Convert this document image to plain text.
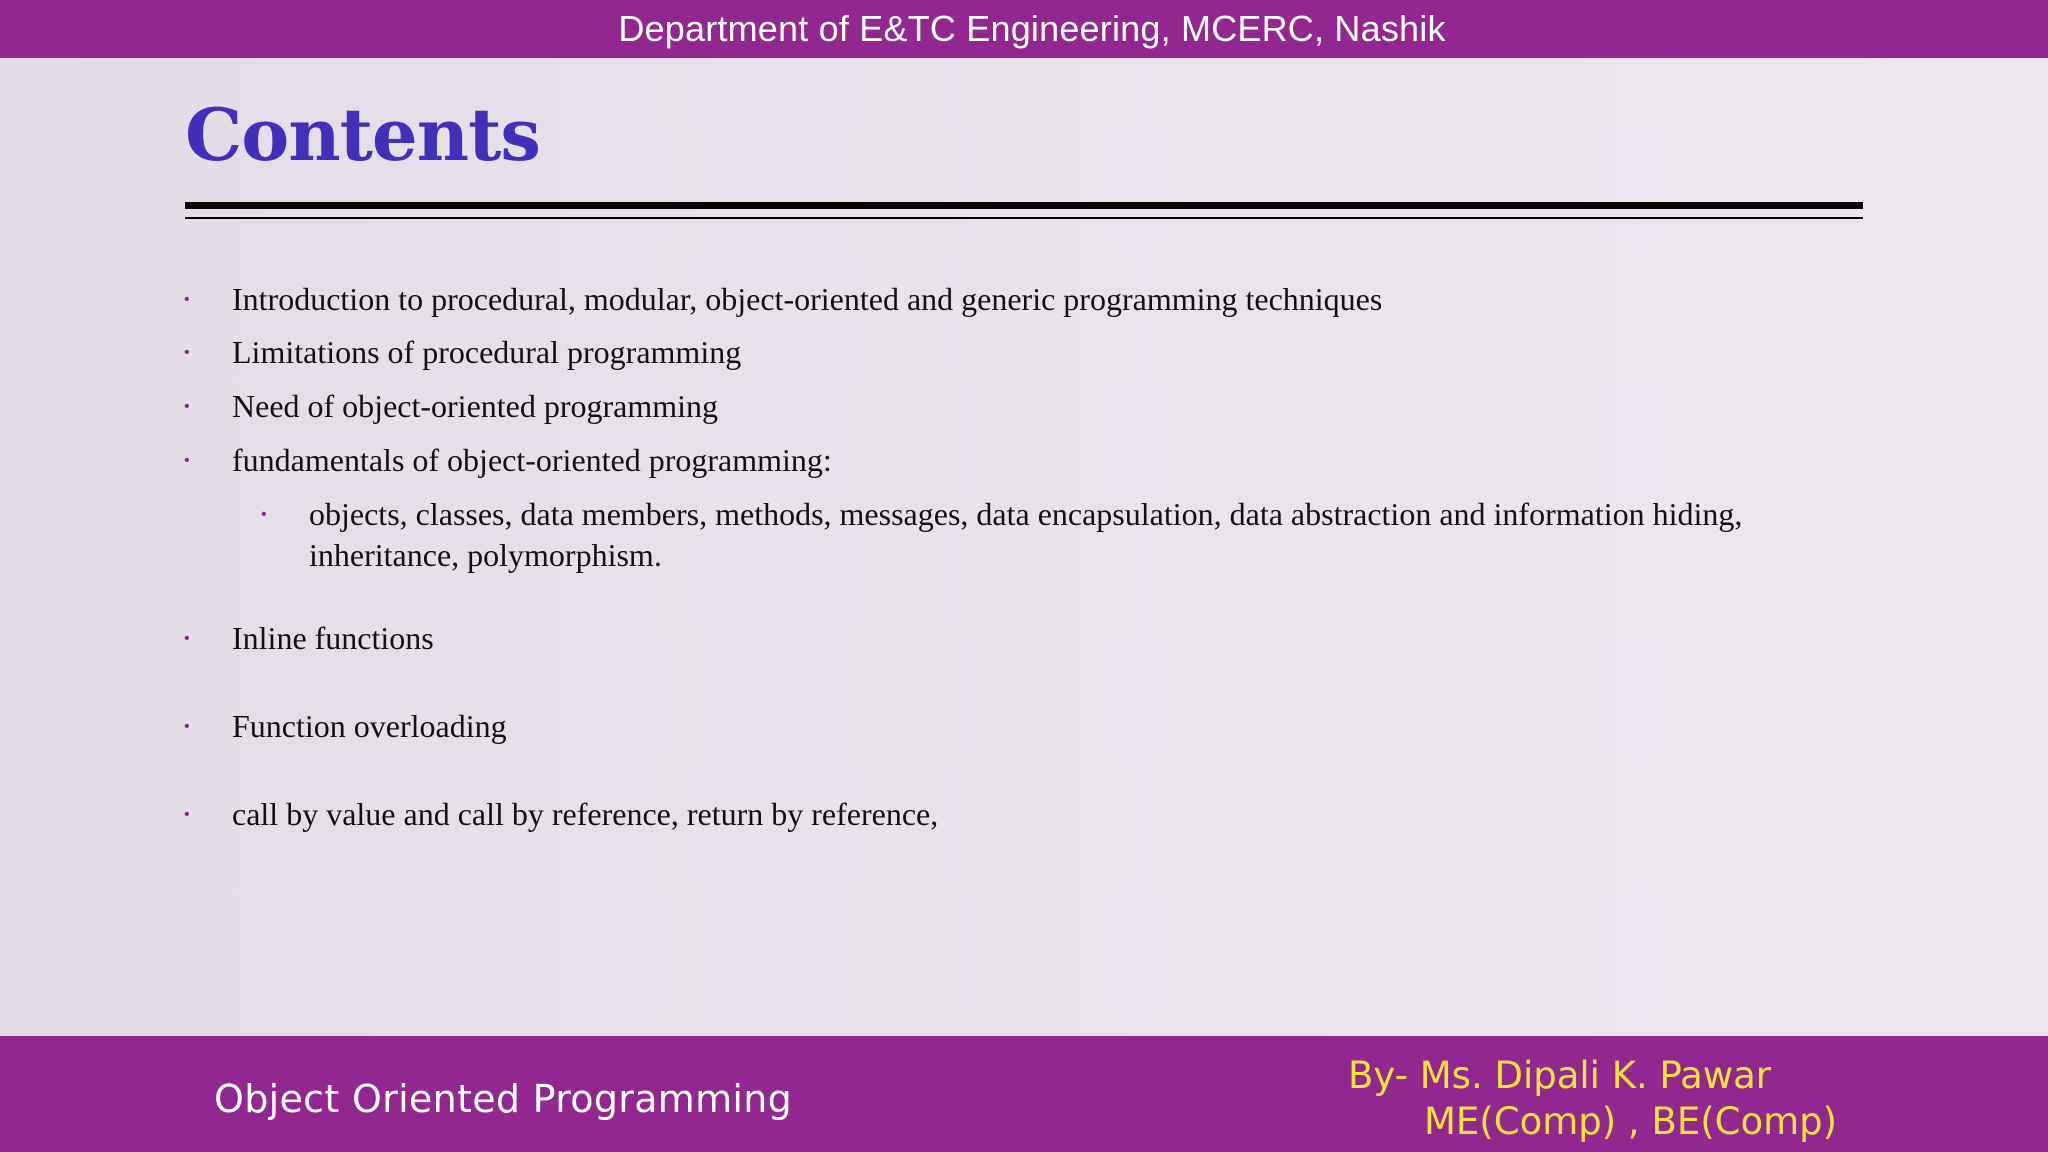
Department of E&TC Engineering, MCERC, Nashik
Contents
• Introduction to procedural, modular, object-oriented and generic programming techniques
• Limitations of procedural programming
• Need of object-oriented programming
• fundamentals of object-oriented programming:
• objects, classes, data members, methods, messages, data encapsulation, data abstraction and information hiding, inheritance, polymorphism.
• Inline functions
• Function overloading
• call by value and call by reference, return by reference,
Object Oriented Programming
By- Ms. Dipali K. Pawar
ME(Comp) , BE(Comp)
